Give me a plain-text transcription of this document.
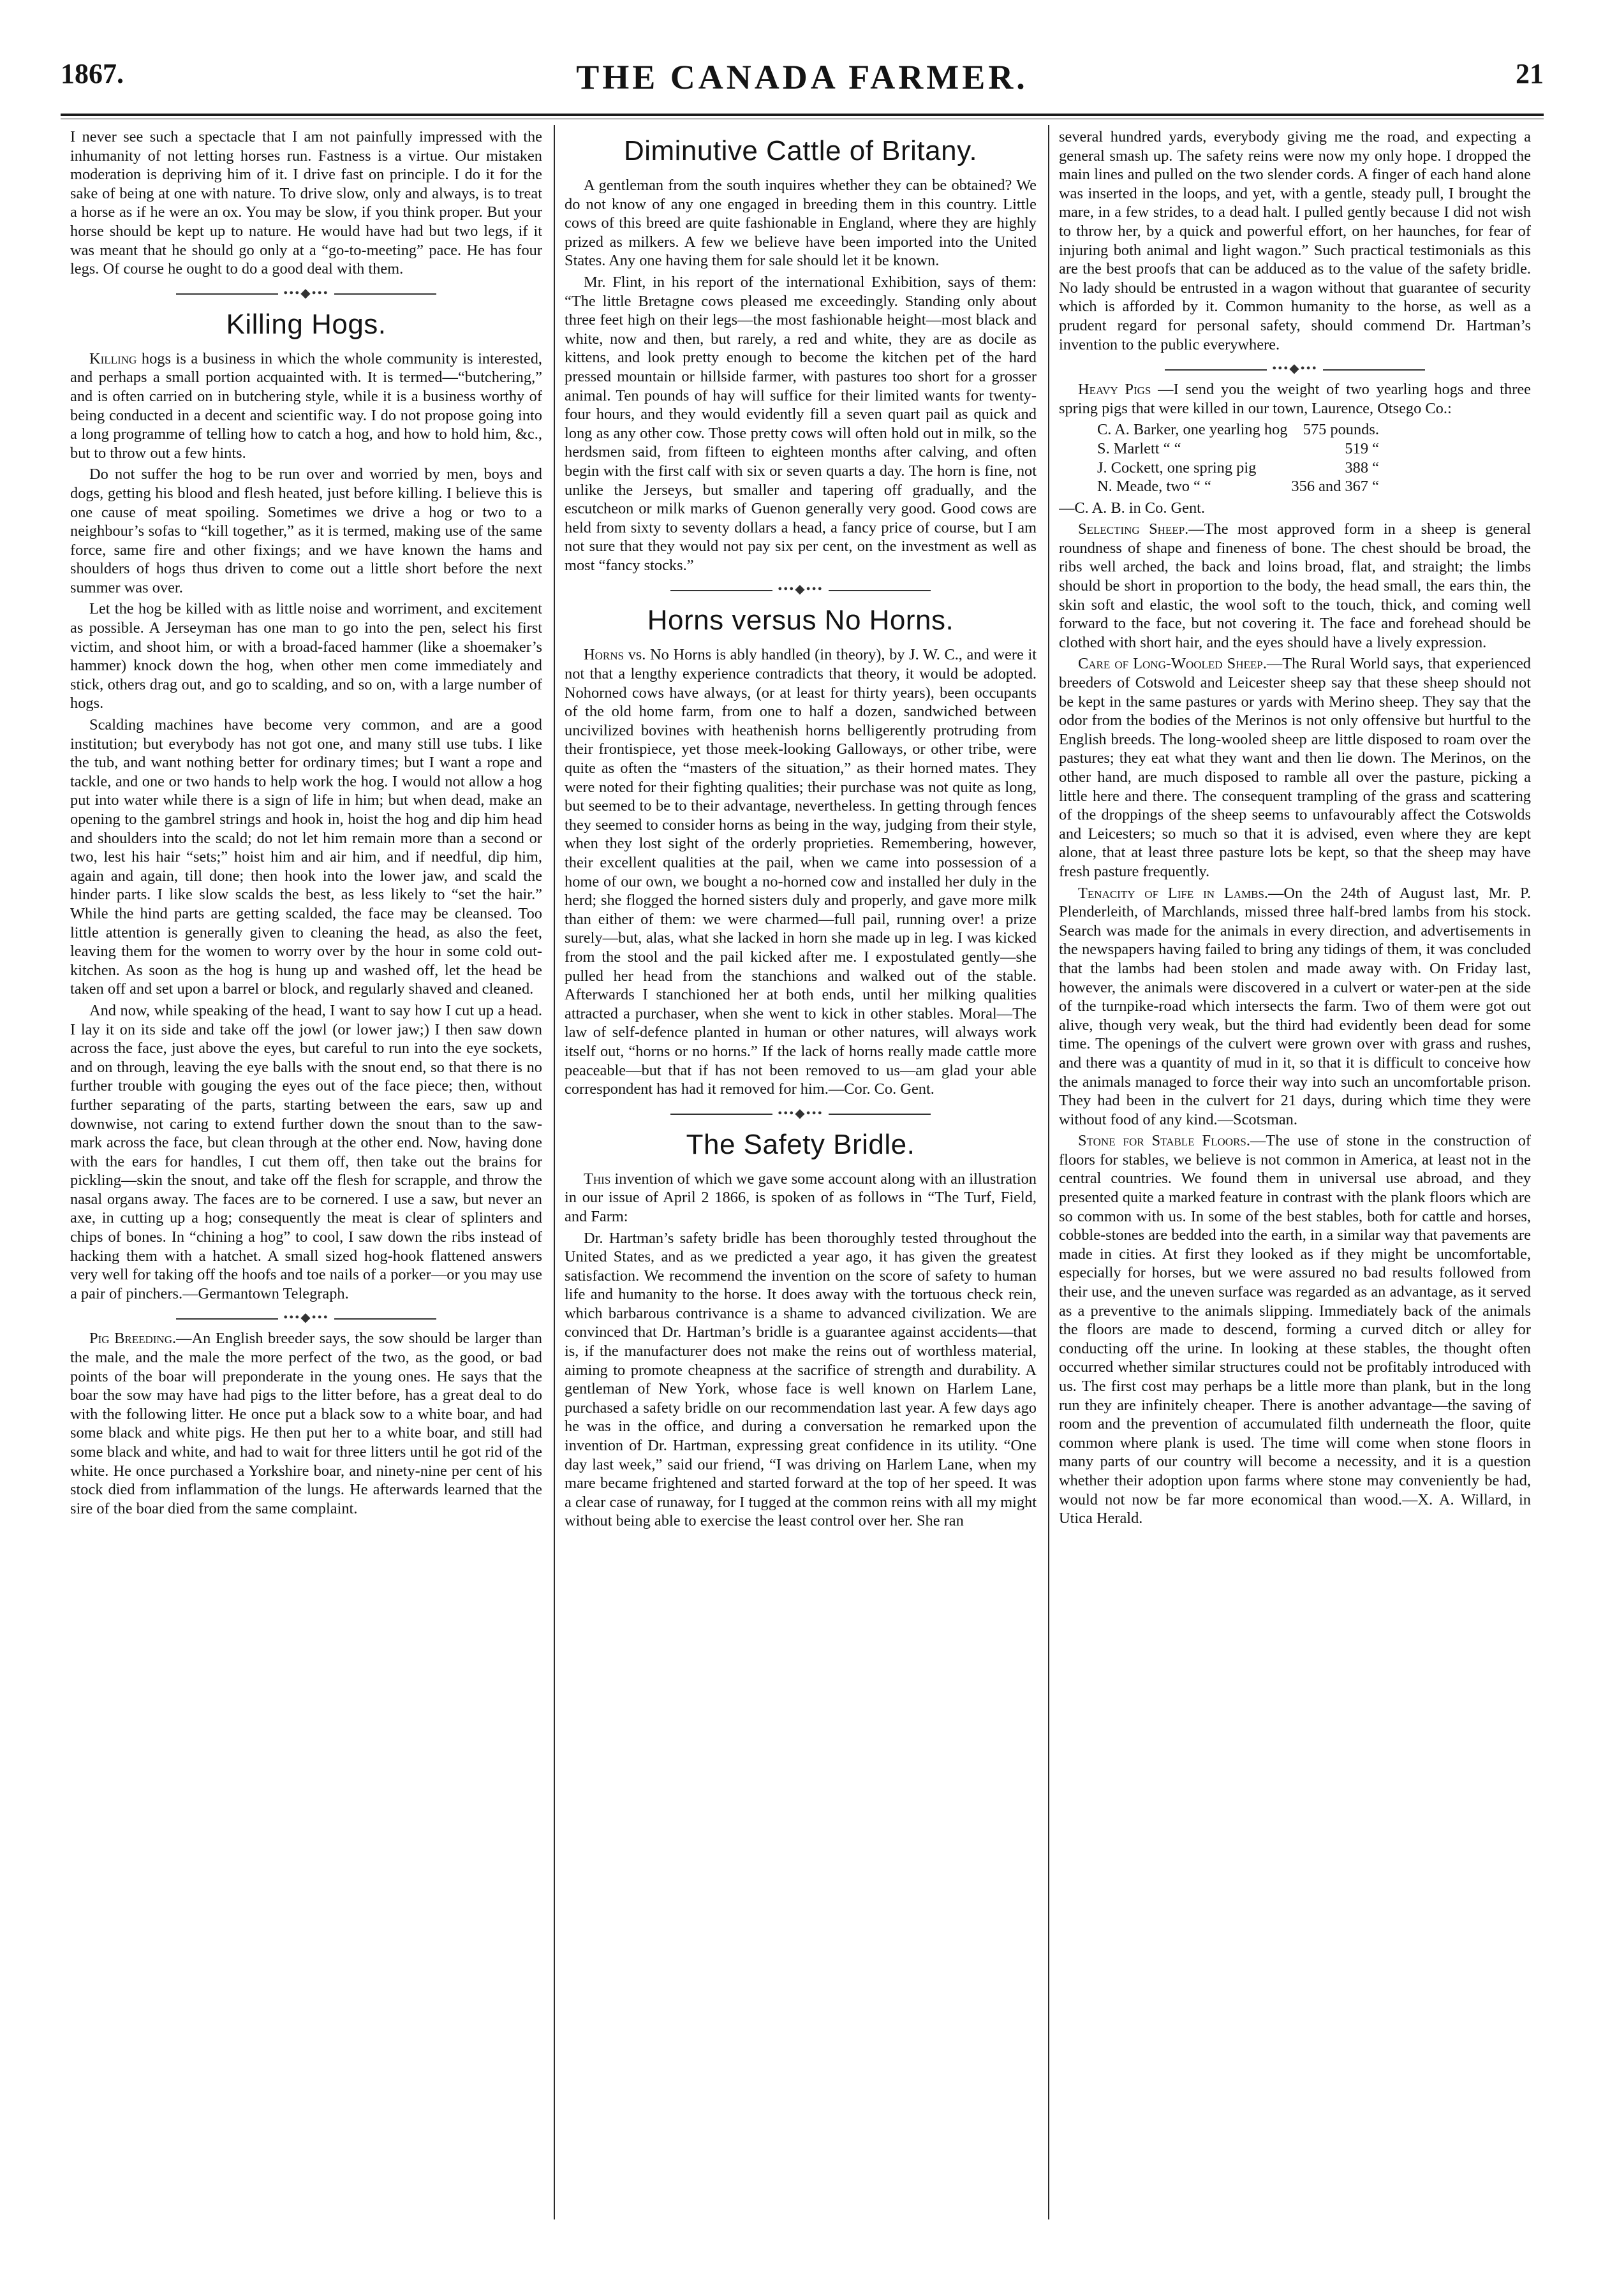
1867.	THE CANADA FARMER.	21

I never see such a spectacle that I am not painfully impressed with the inhumanity of not letting horses run. Fastness is a virtue. Our mistaken moderation is depriving him of it. I drive fast on principle. I do it for the sake of being at one with nature. To drive slow, only and always, is to treat a horse as if he were an ox. You may be slow, if you think proper. But your horse should be kept up to nature. He would have had but two legs, if it was meant that he should go only at a “go-to-meeting” pace. He has four legs. Of course he ought to do a good deal with them.

•••◆•••
Killing Hogs.

Killing hogs is a business in which the whole community is interested, and perhaps a small portion acquainted with. It is termed—“butchering,” and is often carried on in butchering style, while it is a business worthy of being conducted in a decent and scientific way. I do not propose going into a long programme of telling how to catch a hog, and how to hold him, &c., but to throw out a few hints.

Do not suffer the hog to be run over and worried by men, boys and dogs, getting his blood and flesh heated, just before killing. I believe this is one cause of meat spoiling. Sometimes we drive a hog or two to a neighbour’s sofas to “kill together,” as it is termed, making use of the same force, same fire and other fixings; and we have known the hams and shoulders of hogs thus driven to come out a little short before the next summer was over.

Let the hog be killed with as little noise and worriment, and excitement as possible. A Jerseyman has one man to go into the pen, select his first victim, and shoot him, or with a broad-faced hammer (like a shoemaker’s hammer) knock down the hog, when other men come immediately and stick, others drag out, and go to scalding, and so on, with a large number of hogs.

Scalding machines have become very common, and are a good institution; but everybody has not got one, and many still use tubs. I like the tub, and want nothing better for ordinary times; but I want a rope and tackle, and one or two hands to help work the hog. I would not allow a hog put into water while there is a sign of life in him; but when dead, make an opening to the gambrel strings and hook in, hoist the hog and dip him head and shoulders into the scald; do not let him remain more than a second or two, lest his hair “sets;” hoist him and air him, and if needful, dip him, again and again, till done; then hook into the lower jaw, and scald the hinder parts. I like slow scalds the best, as less likely to “set the hair.” While the hind parts are getting scalded, the face may be cleansed. Too little attention is generally given to cleaning the head, as also the feet, leaving them for the women to worry over by the hour in some cold out-kitchen. As soon as the hog is hung up and washed off, let the head be taken off and set upon a barrel or block, and regularly shaved and cleaned.

And now, while speaking of the head, I want to say how I cut up a head. I lay it on its side and take off the jowl (or lower jaw;) I then saw down across the face, just above the eyes, but careful to run into the eye sockets, and on through, leaving the eye balls with the snout end, so that there is no further trouble with gouging the eyes out of the face piece; then, without further separating of the parts, starting between the ears, saw up and downwise, not caring to extend further down the snout than to the saw-mark across the face, but clean through at the other end. Now, having done with the ears for handles, I cut them off, then take out the brains for pickling—skin the snout, and take off the flesh for scrapple, and throw the nasal organs away. The faces are to be cornered. I use a saw, but never an axe, in cutting up a hog; consequently the meat is clear of splinters and chips of bones. In “chining a hog” to cool, I saw down the ribs instead of hacking them with a hatchet. A small sized hog-hook flattened answers very well for taking off the hoofs and toe nails of a porker—or you may use a pair of pinchers.—Germantown Telegraph.

•••◆•••

Pig Breeding.—An English breeder says, the sow should be larger than the male, and the male the more perfect of the two, as the good, or bad points of the boar will preponderate in the young ones. He says that the boar the sow may have had pigs to the litter before, has a great deal to do with the following litter. He once put a black sow to a white boar, and had some black and white pigs. He then put her to a white boar, and still had some black and white, and had to wait for three litters until he got rid of the white. He once purchased a Yorkshire boar, and ninety-nine per cent of his stock died from inflammation of the lungs. He afterwards learned that the sire of the boar died from the same complaint.

Diminutive Cattle of Britany.

A gentleman from the south inquires whether they can be obtained? We do not know of any one engaged in breeding them in this country. Little cows of this breed are quite fashionable in England, where they are highly prized as milkers. A few we believe have been imported into the United States. Any one having them for sale should let it be known.

Mr. Flint, in his report of the international Exhibition, says of them: “The little Bretagne cows pleased me exceedingly. Standing only about three feet high on their legs—the most fashionable height—most black and white, now and then, but rarely, a red and white, they are as docile as kittens, and look pretty enough to become the kitchen pet of the hard pressed mountain or hillside farmer, with pastures too short for a grosser animal. Ten pounds of hay will suffice for their limited wants for twenty-four hours, and they would evidently fill a seven quart pail as quick and long as any other cow. Those pretty cows will often hold out in milk, so the herdsmen said, from fifteen to eighteen months after calving, and often begin with the first calf with six or seven quarts a day. The horn is fine, not unlike the Jerseys, but smaller and tapering off gradually, and the escutcheon or milk marks of Guenon generally very good. Good cows are held from sixty to seventy dollars a head, a fancy price of course, but I am not sure that they would not pay six per cent, on the investment as well as most “fancy stocks.”

•••◆•••
Horns versus No Horns.

Horns vs. No Horns is ably handled (in theory), by J. W. C., and were it not that a lengthy experience contradicts that theory, it would be adopted. Nohorned cows have always, (or at least for thirty years), been occupants of the old home farm, from one to half a dozen, sandwiched between uncivilized bovines with heathenish horns belligerently protruding from their frontispiece, yet those meek-looking Galloways, or other tribe, were quite as often the “masters of the situation,” as their horned mates. They were noted for their fighting qualities; their purchase was not quite as long, but seemed to be to their advantage, nevertheless. In getting through fences they seemed to consider horns as being in the way, judging from their style, when they lost sight of the orderly proprieties. Remembering, however, their excellent qualities at the pail, when we came into possession of a home of our own, we bought a no-horned cow and installed her duly in the herd; she flogged the horned sisters duly and properly, and gave more milk than either of them: we were charmed—full pail, running over! a prize surely—but, alas, what she lacked in horn she made up in leg. I was kicked from the stool and the pail kicked after me. I expostulated gently—she pulled her head from the stanchions and walked out of the stable. Afterwards I stanchioned her at both ends, until her milking qualities attracted a purchaser, when she went to kick in other stables. Moral—The law of self-defence planted in human or other natures, will always work itself out, “horns or no horns.” If the lack of horns really made cattle more peaceable—but that if has not been removed to us—am glad your able correspondent has had it removed for him.—Cor. Co. Gent.

•••◆•••
The Safety Bridle.

This invention of which we gave some account along with an illustration in our issue of April 2 1866, is spoken of as follows in “The Turf, Field, and Farm:

Dr. Hartman’s safety bridle has been thoroughly tested throughout the United States, and as we predicted a year ago, it has given the greatest satisfaction. We recommend the invention on the score of safety to human life and humanity to the horse. It does away with the tortuous check rein, which barbarous contrivance is a shame to advanced civilization. We are convinced that Dr. Hartman’s bridle is a guarantee against accidents—that is, if the manufacturer does not make the reins out of worthless material, aiming to promote cheapness at the sacrifice of strength and durability. A gentleman of New York, whose face is well known on Harlem Lane, purchased a safety bridle on our recommendation last year. A few days ago he was in the office, and during a conversation he remarked upon the invention of Dr. Hartman, expressing great confidence in its utility. “One day last week,” said our friend, “I was driving on Harlem Lane, when my mare became frightened and started forward at the top of her speed. It was a clear case of runaway, for I tugged at the common reins with all my might without being able to exercise the least control over her. She ran

several hundred yards, everybody giving me the road, and expecting a general smash up. The safety reins were now my only hope. I dropped the main lines and pulled on the two slender cords. A finger of each hand alone was inserted in the loops, and yet, with a gentle, steady pull, I brought the mare, in a few strides, to a dead halt. I pulled gently because I did not wish to throw her, by a quick and powerful effort, on her haunches, for fear of injuring both animal and light wagon.” Such practical testimonials as this are the best proofs that can be adduced as to the value of the safety bridle. No lady should be entrusted in a wagon without that guarantee of security which is afforded by it. Common humanity to the horse, as well as a prudent regard for personal safety, should commend Dr. Hartman’s invention to the public everywhere.

•••◆•••

Heavy Pigs —I send you the weight of two yearling hogs and three spring pigs that were killed in our town, Laurence, Otsego Co.:

C. A. Barker, one yearling hog	575 pounds.
S. Marlett “ “	519 “
J. Cockett, one spring pig	388 “
N. Meade, two “ “	356 and 367 “

—C. A. B. in Co. Gent.

Selecting Sheep.—The most approved form in a sheep is general roundness of shape and fineness of bone. The chest should be broad, the ribs well arched, the back and loins broad, flat, and straight; the limbs should be short in proportion to the body, the head small, the ears thin, the skin soft and elastic, the wool soft to the touch, thick, and coming well forward to the face, but not covering it. The face and forehead should be clothed with short hair, and the eyes should have a lively expression.

Care of Long-Wooled Sheep.—The Rural World says, that experienced breeders of Cotswold and Leicester sheep say that these sheep should not be kept in the same pastures or yards with Merino sheep. They say that the odor from the bodies of the Merinos is not only offensive but hurtful to the English breeds. The long-wooled sheep are little disposed to roam over the pastures; they eat what they want and then lie down. The Merinos, on the other hand, are much disposed to ramble all over the pasture, picking a little here and there. The consequent trampling of the grass and scattering of the droppings of the sheep seems to unfavourably affect the Cotswolds and Leicesters; so much so that it is advised, even where they are kept alone, that at least three pasture lots be kept, so that the sheep may have fresh pasture frequently.

Tenacity of Life in Lambs.—On the 24th of August last, Mr. P. Plenderleith, of Marchlands, missed three half-bred lambs from his stock. Search was made for the animals in every direction, and advertisements in the newspapers having failed to bring any tidings of them, it was concluded that the lambs had been stolen and made away with. On Friday last, however, the animals were discovered in a culvert or water-pen at the side of the turnpike-road which intersects the farm. Two of them were got out alive, though very weak, but the third had evidently been dead for some time. The openings of the culvert were grown over with grass and rushes, and there was a quantity of mud in it, so that it is difficult to conceive how the animals managed to force their way into such an uncomfortable prison. They had been in the culvert for 21 days, during which time they were without food of any kind.—Scotsman.

Stone for Stable Floors.—The use of stone in the construction of floors for stables, we believe is not common in America, at least not in the central countries. We found them in universal use abroad, and they presented quite a marked feature in contrast with the plank floors which are so common with us. In some of the best stables, both for cattle and horses, cobble-stones are bedded into the earth, in a similar way that pavements are made in cities. At first they looked as if they might be uncomfortable, especially for horses, but we were assured no bad results followed from their use, and the uneven surface was regarded as an advantage, as it served as a preventive to the animals slipping. Immediately back of the animals the floors are made to descend, forming a curved ditch or alley for conducting off the urine. In looking at these stables, the thought often occurred whether similar structures could not be profitably introduced with us. The first cost may perhaps be a little more than plank, but in the long run they are infinitely cheaper. There is another advantage—the saving of room and the prevention of accumulated filth underneath the floor, quite common where plank is used. The time will come when stone floors in many parts of our country will become a necessity, and it is a question whether their adoption upon farms where stone may conveniently be had, would not now be far more economical than wood.—X. A. Willard, in Utica Herald.
